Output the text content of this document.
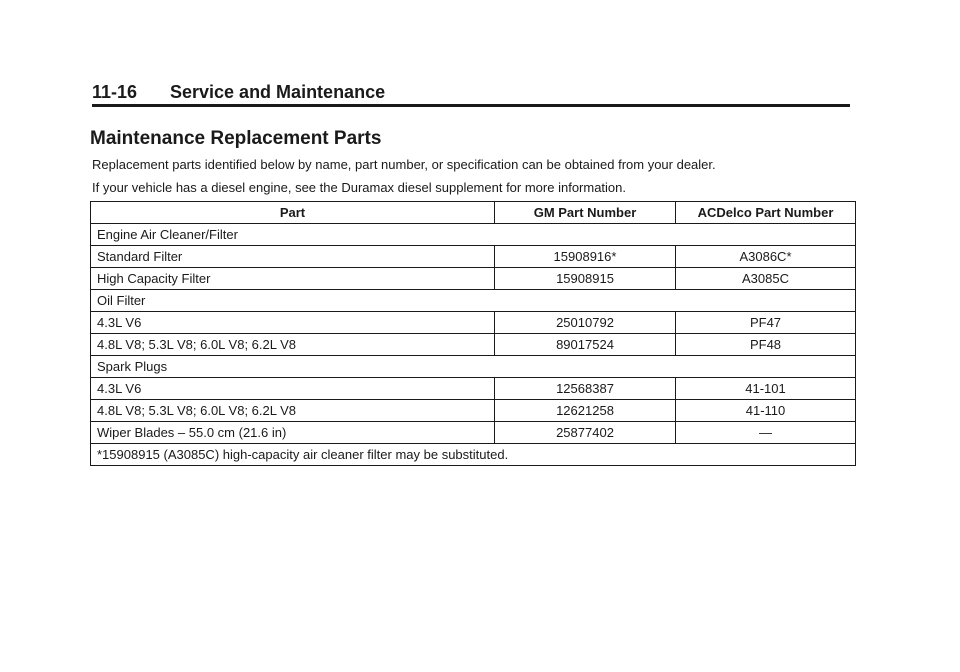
11-16 Service and Maintenance
Maintenance Replacement Parts
Replacement parts identified below by name, part number, or specification can be obtained from your dealer.
If your vehicle has a diesel engine, see the Duramax diesel supplement for more information.
Part	GM Part Number	ACDelco Part Number
Engine Air Cleaner/Filter		
Standard Filter	15908916*	A3086C*
High Capacity Filter	15908915	A3085C
Oil Filter		
4.3L V6	25010792	PF47
4.8L V8; 5.3L V8; 6.0L V8; 6.2L V8	89017524	PF48
Spark Plugs		
4.3L V6	12568387	41-101
4.8L V8; 5.3L V8; 6.0L V8; 6.2L V8	12621258	41-110
Wiper Blades – 55.0 cm (21.6 in)	25877402	—
*15908915 (A3085C) high-capacity air cleaner filter may be substituted.		
